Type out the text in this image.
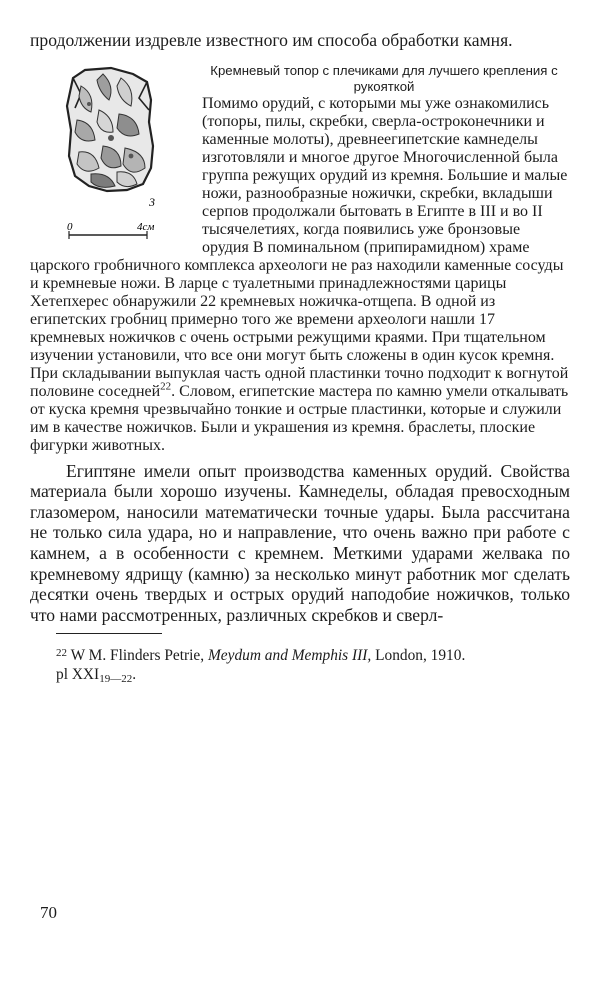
продолжении издревле известного им способа обработки камня.

3
0	4см

Кремневый топор с плечиками для лучшего крепления с рукояткой
Помимо орудий, с которыми мы уже ознакомились (топоры, пилы, скребки, сверла-остроконечники и каменные молоты), древнеегипетские камнеделы изготовляли и многое другое Многочисленной была группа режущих орудий из кремня. Большие и малые ножи, разнообразные ножички, скребки, вкладыши серпов продолжали бытовать в Египте в III и во II тысячелетиях, когда появились уже бронзовые орудия В поминальном (припирамидном) храме царского гробничного комплекса археологи не раз находили каменные сосуды и кремневые ножи. В ларце с туалетными принадлежностями царицы Хетепхерес обнаружили 22 кремневых ножичка-отщепа. В одной из египетских гробниц примерно того же времени археологи нашли 17 кремневых ножичков с очень острыми режущими краями. При тщательном изучении установили, что все они могут быть сложены в один кусок кремня. При складывании выпуклая часть одной пластинки точно подходит к вогнутой половине соседней$^{22}$. Словом, египетские мастера по камню умели откалывать от куска кремня чрезвычайно тонкие и острые пластинки, которые и служили им в качестве ножичков. Были и украшения из кремня. браслеты, плоские фигурки животных.

Египтяне имели опыт производства каменных орудий. Свойства материала были хорошо изучены. Камнеделы, обладая превосходным глазомером, наносили математически точные удары. Была рассчитана не только сила удара, но и направление, что очень важно при работе с камнем, а в особенности с кремнем. Меткими ударами желвака по кремневому ядрищу (камню) за несколько минут работник мог сделать десятки очень твердых и острых орудий наподобие ножичков, только что нами рассмотренных, различных скребков и сверл-

$^{22}$ W M. Flinders Petrie, Meydum and Memphis III, London, 1910.
pl $XXI_{19—22}$.

70
